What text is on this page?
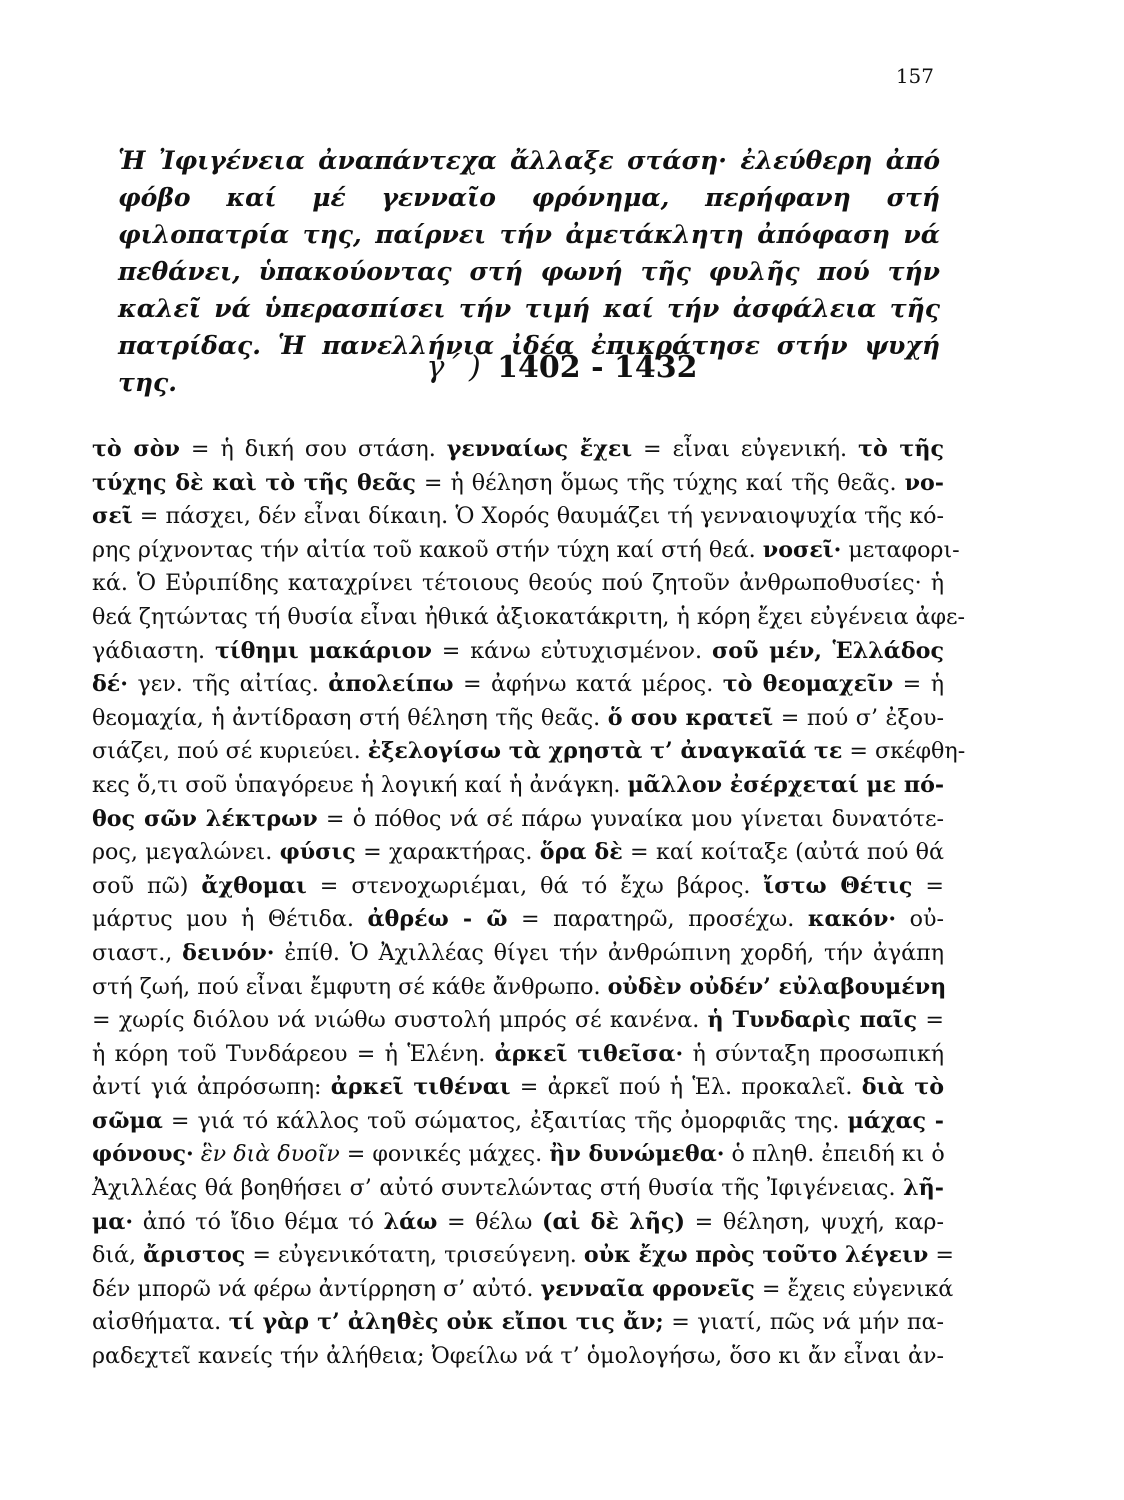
157
Ἡ Ἰφιγένεια ἀναπάντεχα ἄλλαξε στάση· ἐλεύθερη ἀπό φόβο καί μέ γενναῖο φρόνημα, περήφανη στή φιλοπατρία της, παίρνει τήν ἀμετάκλητη ἀπόφαση νά πεθάνει, ὑπακούοντας στή φωνή τῆς φυλῆς πού τήν καλεῖ νά ὑπερασπίσει τήν τιμή καί τήν ἀσφάλεια τῆς πατρίδας. Ἡ πανελλήνια ἰδέα ἐπικράτησε στήν ψυχή της.	γ´ ) 1402 - 1432
τὸ σὸν = ἡ δική σου στάση. γενναίως ἔχει = εἶναι εὐγενική. τὸ τῆς
τύχης δὲ καὶ τὸ τῆς θεᾶς = ἡ θέληση ὅμως τῆς τύχης καί τῆς θεᾶς. νο-
σεῖ = πάσχει, δέν εἶναι δίκαιη. Ὁ Χορός θαυμάζει τή γενναιοψυχία τῆς κό-
ρης ρίχνοντας τήν αἰτία τοῦ κακοῦ στήν τύχη καί στή θεά. νοσεῖ· μεταφορι-
κά. Ὁ Εὐριπίδης καταχρίνει τέτοιους θεούς πού ζητοῦν ἀνθρωποθυσίες· ἡ
θεά ζητώντας τή θυσία εἶναι ἠθικά ἀξιοκατάκριτη, ἡ κόρη ἔχει εὐγένεια ἀφε-
γάδιαστη. τίθημι μακάριον = κάνω εὐτυχισμένον. σοῦ μέν, Ἑλλάδος
δέ· γεν. τῆς αἰτίας. ἀπολείπω = ἀφήνω κατά μέρος. τὸ θεομαχεῖν = ἡ
θεομαχία, ἡ ἀντίδραση στή θέληση τῆς θεᾶς. ὅ σου κρατεῖ = πού σ’ ἐξου-
σιάζει, πού σέ κυριεύει. ἐξελογίσω τὰ χρηστὰ τ’ ἀναγκαῖά τε = σκέφθη-
κες ὅ,τι σοῦ ὑπαγόρευε ἡ λογική καί ἡ ἀνάγκη. μᾶλλον ἐσέρχεταί με πό-
θος σῶν λέκτρων = ὁ πόθος νά σέ πάρω γυναίκα μου γίνεται δυνατότε-
ρος, μεγαλώνει. φύσις = χαρακτήρας. ὅρα δὲ = καί κοίταξε (αὐτά πού θά
σοῦ πῶ) ἄχθομαι = στενοχωριέμαι, θά τό ἔχω βάρος. ἴστω Θέτις =
μάρτυς μου ἡ Θέτιδα. ἀθρέω - ῶ = παρατηρῶ, προσέχω. κακόν· οὐ-
σιαστ., δεινόν· ἐπίθ. Ὁ Ἀχιλλέας θίγει τήν ἀνθρώπινη χορδή, τήν ἀγάπη
στή ζωή, πού εἶναι ἔμφυτη σέ κάθε ἄνθρωπο. οὐδὲν οὐδέν’ εὐλαβουμένη
= χωρίς διόλου νά νιώθω συστολή μπρός σέ κανένα. ἡ Τυνδαρὶς παῖς =
ἡ κόρη τοῦ Τυνδάρεου = ἡ Ἑλένη. ἀρκεῖ τιθεῖσα· ἡ σύνταξη προσωπική
ἀντί γιά ἀπρόσωπη: ἀρκεῖ τιθέναι = ἀρκεῖ πού ἡ Ἑλ. προκαλεῖ. διὰ τὸ
σῶμα = γιά τό κάλλος τοῦ σώματος, ἐξαιτίας τῆς ὀμορφιᾶς της. μάχας -
φόνους· ἓν διὰ δυοῖν = φονικές μάχες. ἢν δυνώμεθα· ὁ πληθ. ἐπειδή κι ὁ
Ἀχιλλέας θά βοηθήσει σ’ αὐτό συντελώντας στή θυσία τῆς Ἰφιγένειας. λῆ-
μα· ἀπό τό ἴδιο θέμα τό λάω = θέλω (αἰ δὲ λῆς) = θέληση, ψυχή, καρ-
διά, ἄριστος = εὐγενικότατη, τρισεύγενη. οὐκ ἔχω πρὸς τοῦτο λέγειν =
δέν μπορῶ νά φέρω ἀντίρρηση σ’ αὐτό. γενναῖα φρονεῖς = ἔχεις εὐγενικά
αἰσθήματα. τί γὰρ τ’ ἀληθὲς οὐκ εἴποι τις ἄν; = γιατί, πῶς νά μήν πα-
ραδεχτεῖ κανείς τήν ἀλήθεια; Ὀφείλω νά τ’ ὁμολογήσω, ὅσο κι ἄν εἶναι ἀν-
